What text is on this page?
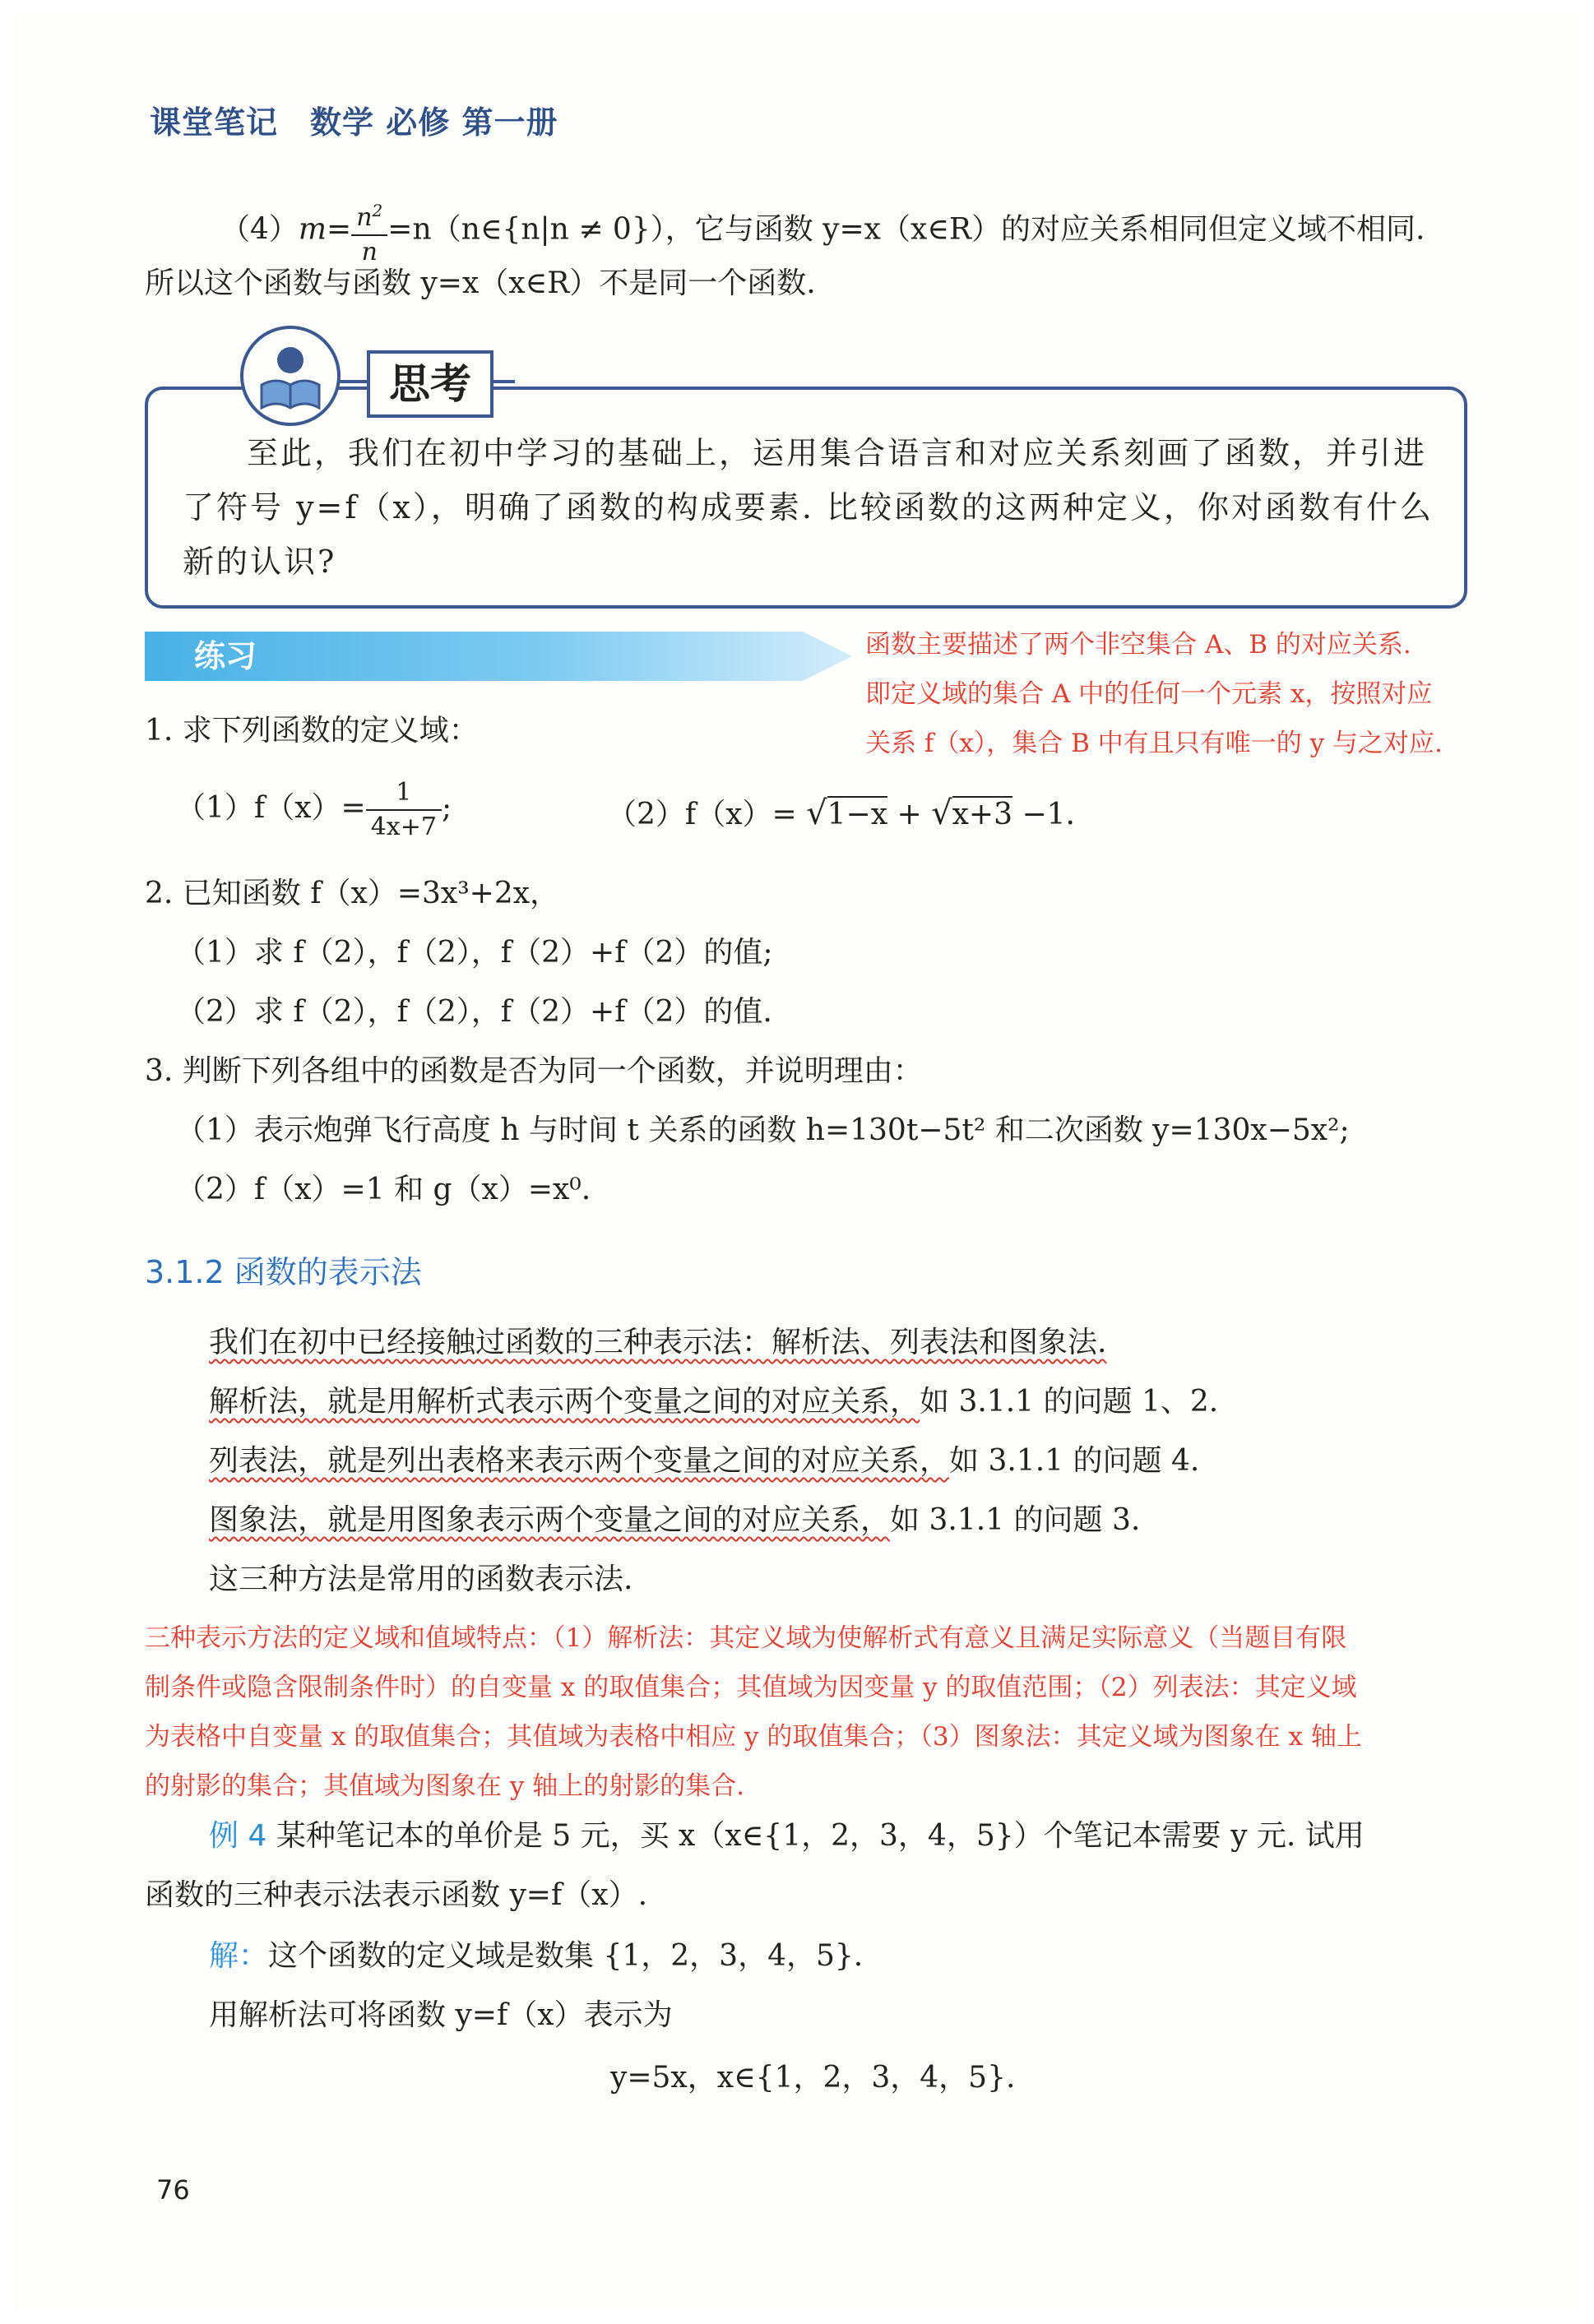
课堂笔记　数学 必修 第一册
$(4)m= \frac{n^2}{n}$ =n（n∈{n|n ≠ 0}），它与函数 y=x（x∈R）的对应关系相同但定义域不相同.
所以这个函数与函数 y=x（x∈R）不是同一个函数.
思考
至此，我们在初中学习的基础上，运用集合语言和对应关系刻画了函数，并引进
了符号 y=f（x），明确了函数的构成要素. 比较函数的这两种定义，你对函数有什么
新的认识?
练习	函数主要描述了两个非空集合 A、B 的对应关系.
即定义域的集合 A 中的任何一个元素 x，按照对应
关系 f（x），集合 B 中有且只有唯一的 y 与之对应.
1. 求下列函数的定义域：
$(1)f(x)= \frac{1}{4x+7}$ ;	（2）f（x）= √1−x + √x+3 −1.
2. 已知函数 f（x）=3x³+2x，
（1）求 f（2），f（2），f（2）+f（2）的值;
（2）求 f（2），f（2），f（2）+f（2）的值.
3. 判断下列各组中的函数是否为同一个函数，并说明理由：
（1）表示炮弹飞行高度 h 与时间 t 关系的函数 h=130t−5t² 和二次函数 y=130x−5x²;
（2）f（x）=1 和 g（x）=x⁰.
3.1.2 函数的表示法
我们在初中已经接触过函数的三种表示法：解析法、列表法和图象法.
解析法，就是用解析式表示两个变量之间的对应关系，如 3.1.1 的问题 1、2.
列表法，就是列出表格来表示两个变量之间的对应关系，如 3.1.1 的问题 4.
图象法，就是用图象表示两个变量之间的对应关系，如 3.1.1 的问题 3.
这三种方法是常用的函数表示法.
三种表示方法的定义域和值域特点：（1）解析法：其定义域为使解析式有意义且满足实际意义（当题目有限
制条件或隐含限制条件时）的自变量 x 的取值集合；其值域为因变量 y 的取值范围；（2）列表法：其定义域
为表格中自变量 x 的取值集合；其值域为表格中相应 y 的取值集合；（3）图象法：其定义域为图象在 x 轴上
的射影的集合；其值域为图象在 y 轴上的射影的集合.
例 4 某种笔记本的单价是 5 元，买 x（x∈{1，2，3，4，5}）个笔记本需要 y 元. 试用
函数的三种表示法表示函数 y=f（x）.
解：这个函数的定义域是数集 {1，2，3，4，5}.
用解析法可将函数 y=f（x）表示为
y=5x，x∈{1，2，3，4，5}.
76
